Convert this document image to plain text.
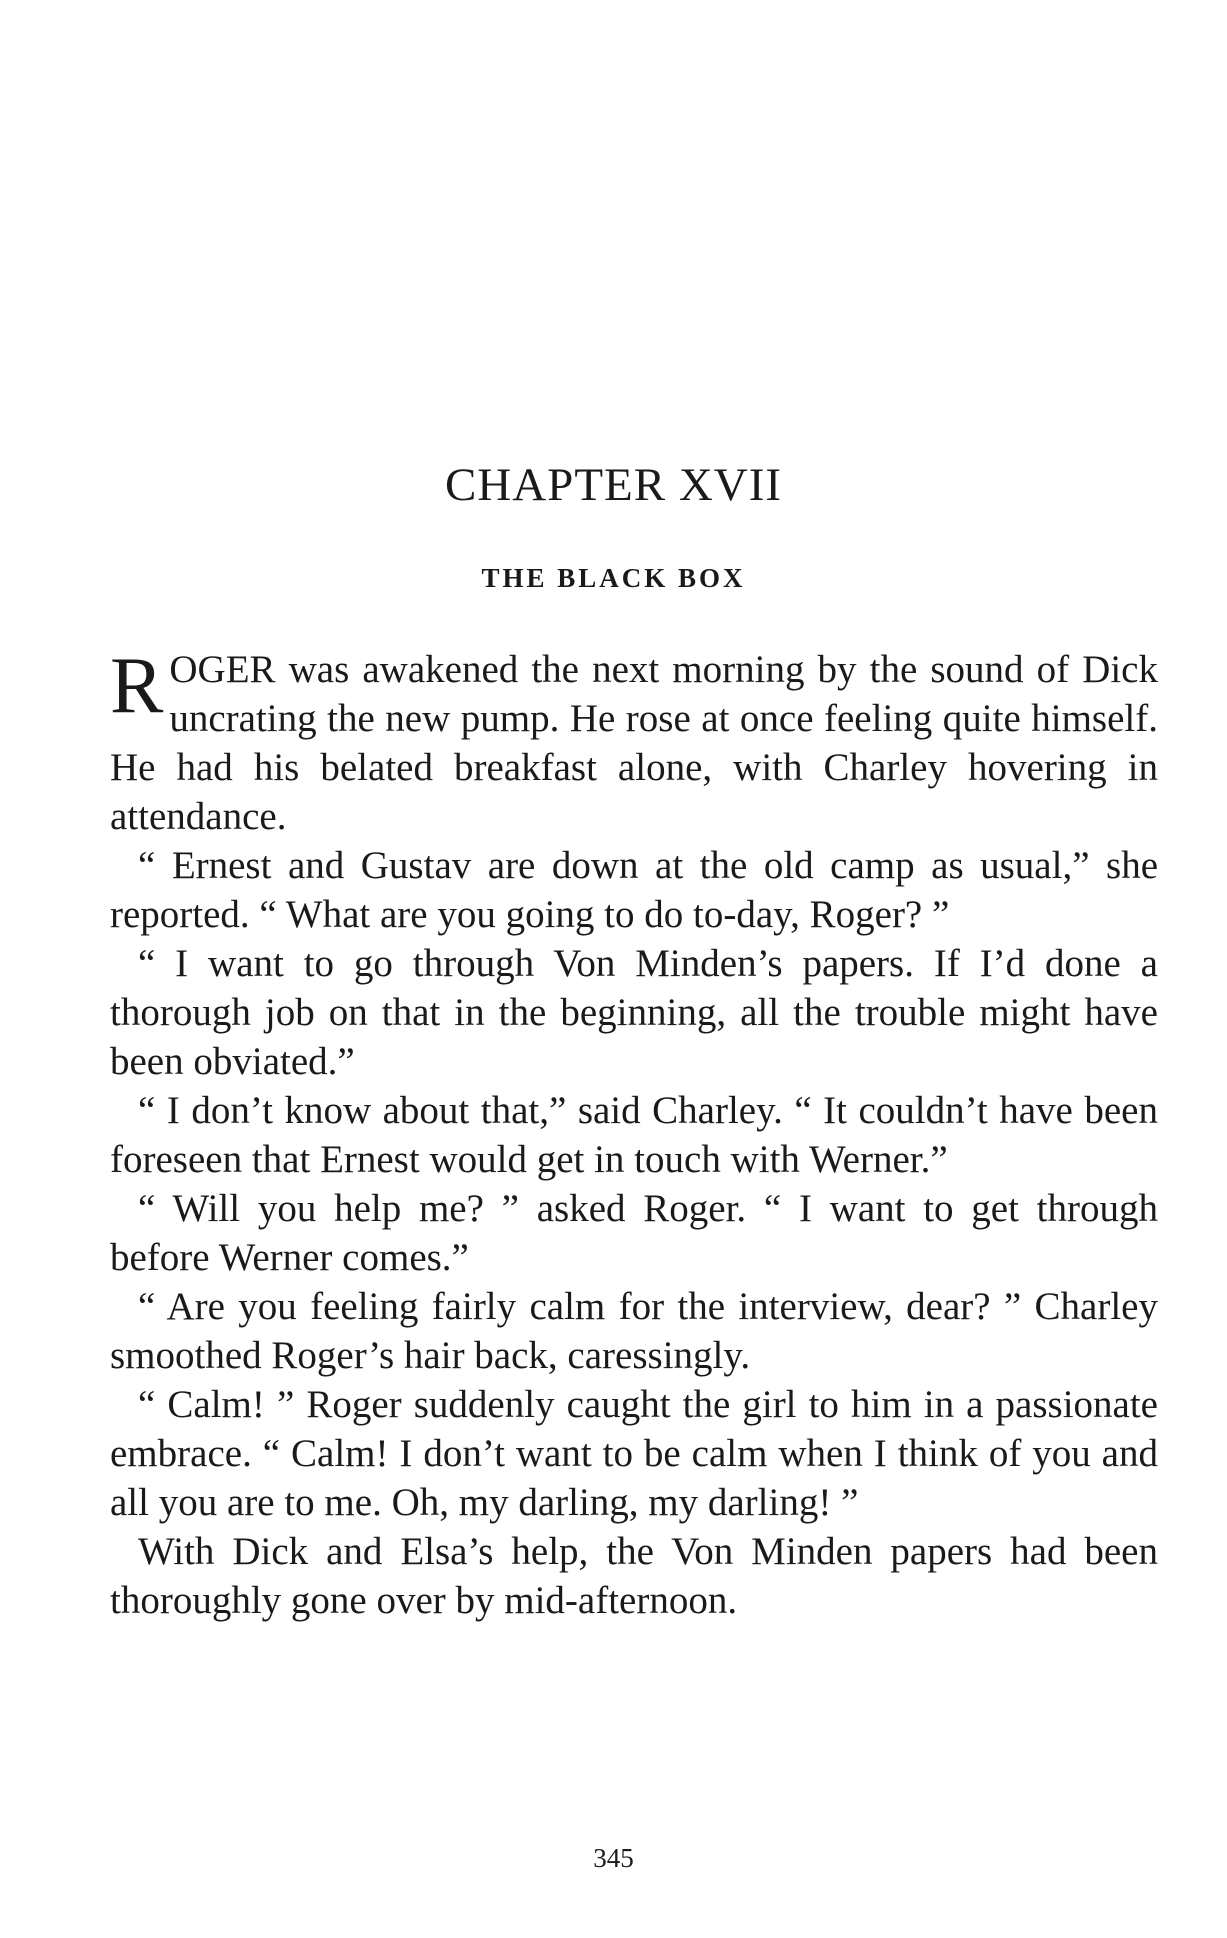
CHAPTER XVII
THE BLACK BOX

ROGER was awakened the next morning by the sound of Dick uncrating the new pump. He rose at once feeling quite himself. He had his belated breakfast alone, with Charley hovering in attendance.

“ Ernest and Gustav are down at the old camp as usual,” she reported. “ What are you going to do to-day, Roger? ”

“ I want to go through Von Minden’s papers. If I’d done a thorough job on that in the beginning, all the trouble might have been obviated.”

“ I don’t know about that,” said Charley. “ It couldn’t have been foreseen that Ernest would get in touch with Werner.”

“ Will you help me? ” asked Roger. “ I want to get through before Werner comes.”

“ Are you feeling fairly calm for the interview, dear? ” Charley smoothed Roger’s hair back, caressingly.

“ Calm! ” Roger suddenly caught the girl to him in a passionate embrace. “ Calm! I don’t want to be calm when I think of you and all you are to me. Oh, my darling, my darling! ”

With Dick and Elsa’s help, the Von Minden papers had been thoroughly gone over by mid-afternoon.

345
